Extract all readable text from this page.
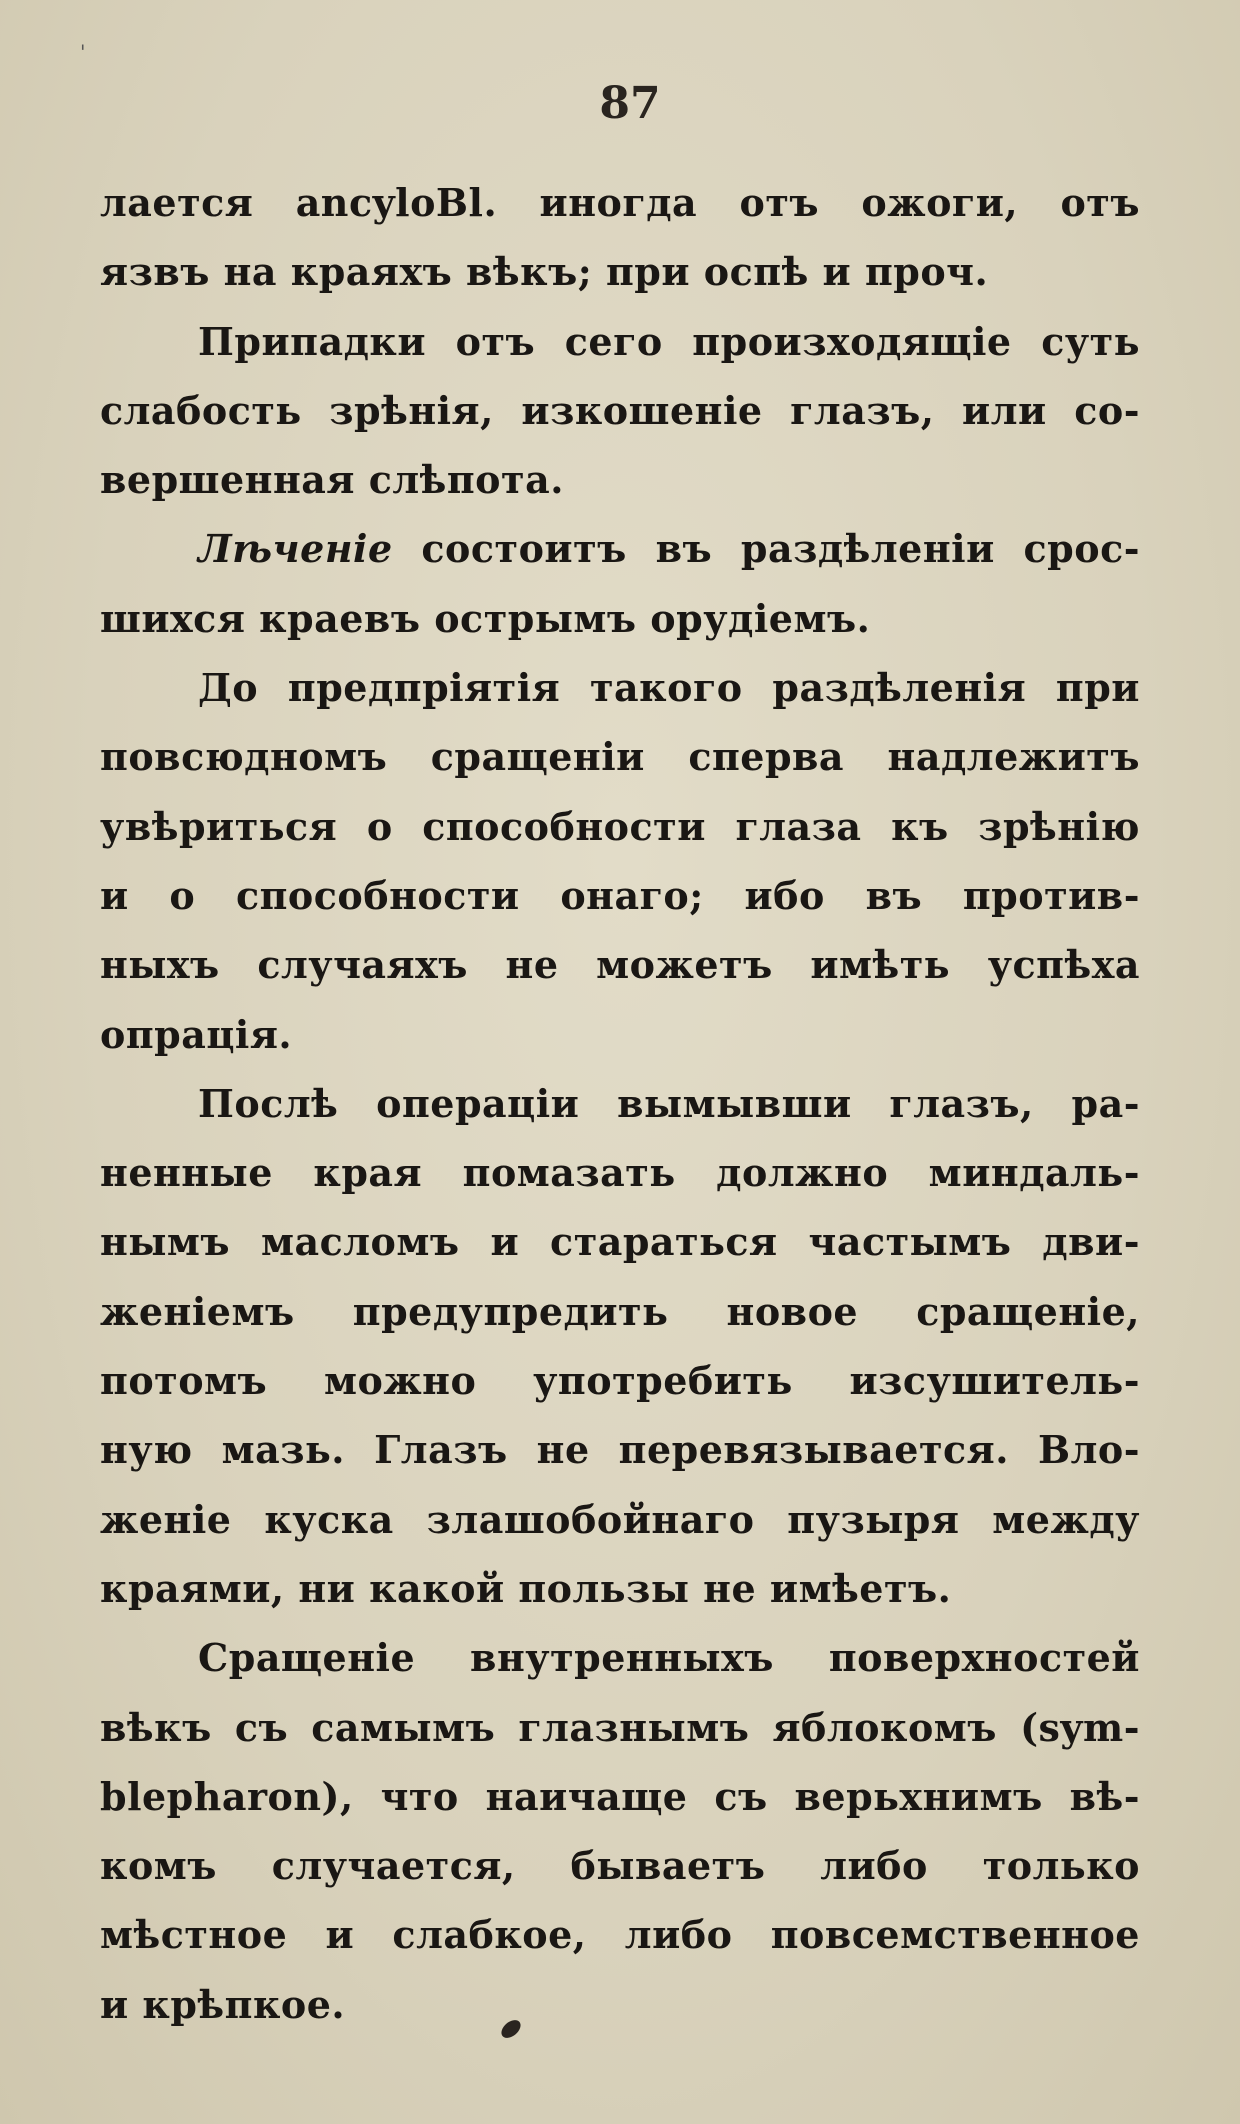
'
87
лается ancyloBl. иногда отъ ожоги, отъ
язвъ на краяхъ вѣкъ; при оспѣ и проч.
Припадки отъ сего произходящіе суть
слабость зрѣнія, изкошеніе глазъ, или со-
вершенная слѣпота.
Лѣченіе состоитъ въ раздѣленіи срос-
шихся краевъ острымъ орудіемъ.
До предпріятія такого раздѣленія при
повсюдномъ сращеніи сперва надлежитъ
увѣриться о способности глаза къ зрѣнію
и о способности онаго; ибо въ против-
ныхъ случаяхъ не можетъ имѣть успѣха
опрація.
Послѣ операціи вымывши глазъ, ра-
ненные края помазать должно миндаль-
нымъ масломъ и стараться частымъ дви-
женіемъ предупредить новое сращеніе,
потомъ можно употребить изсушитель-
ную мазь. Глазъ не перевязывается. Вло-
женіе куска злашобойнаго пузыря между
краями, ни какой пользы не имѣетъ.
Сращеніе внутренныхъ поверхностей
вѣкъ съ самымъ глазнымъ яблокомъ (sym-
blepharon), что наичаще съ верьхнимъ вѣ-
комъ случается, бываетъ либо только
мѣстное и слабкое, либо повсемственное
и крѣпкое.
